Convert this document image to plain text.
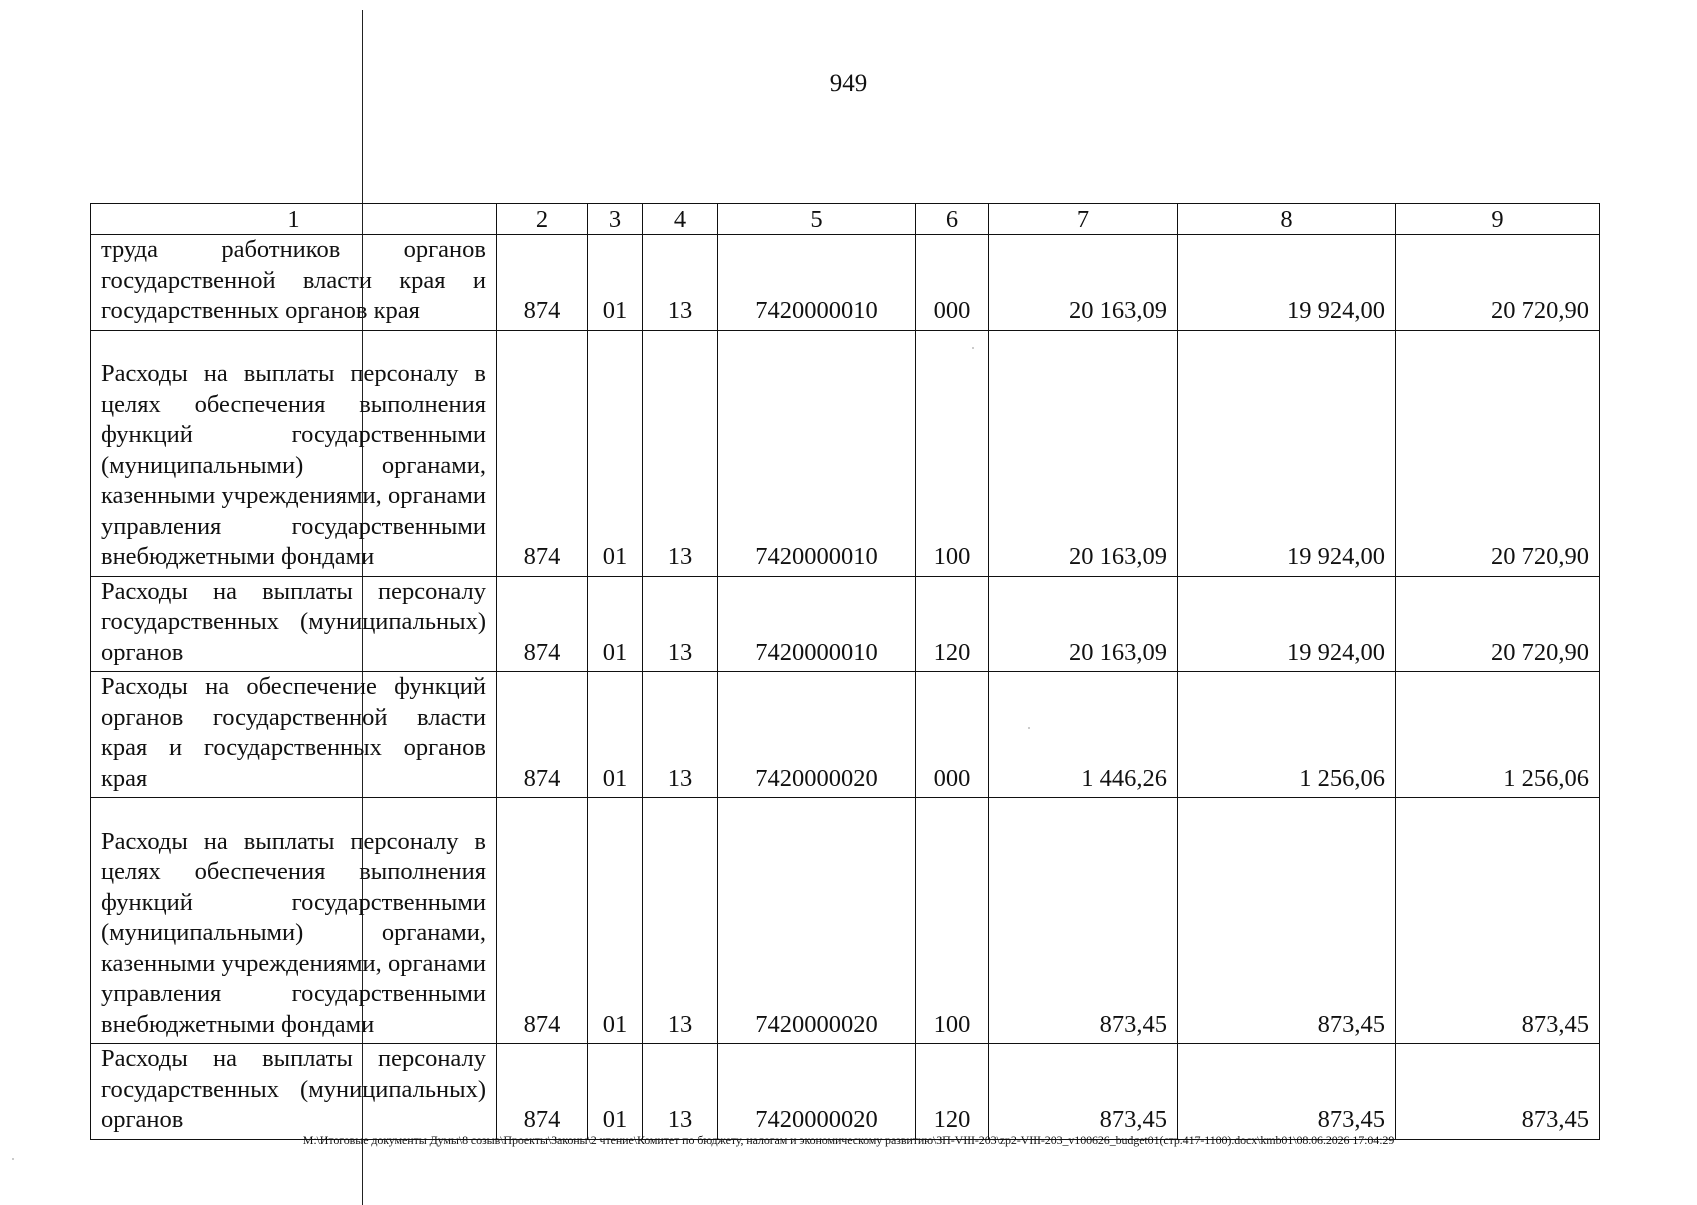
949
1	2	3	4	5	6	7	8	9
труда работников органов государственной власти края и государственных органов края	874	01	13	7420000010	000	20 163,09	19 924,00	20 720,90
Расходы на выплаты персоналу в целях обеспечения выполнения функций государственными (муниципальными) органами, казенными учреждениями, органами управления государственными внебюджетными фондами	874	01	13	7420000010	100	20 163,09	19 924,00	20 720,90
Расходы на выплаты персоналу государственных (муниципальных) органов	874	01	13	7420000010	120	20 163,09	19 924,00	20 720,90
Расходы на обеспечение функций органов государственной власти края и государственных органов края	874	01	13	7420000020	000	1 446,26	1 256,06	1 256,06
Расходы на выплаты персоналу в целях обеспечения выполнения функций государственными (муниципальными) органами, казенными учреждениями, органами управления государственными внебюджетными фондами	874	01	13	7420000020	100	873,45	873,45	873,45
Расходы на выплаты персоналу государственных (муниципальных) органов	874	01	13	7420000020	120	873,45	873,45	873,45
M:\Итоговые документы Думы\8 созыв\Проекты\Законы\2 чтение\Комитет по бюджету, налогам и экономическому развитию\ЗП-VIII-203\zp2-VIII-203_v100626_budget01(стр.417-1100).docx\kmb01\08.06.2026 17:04:29
